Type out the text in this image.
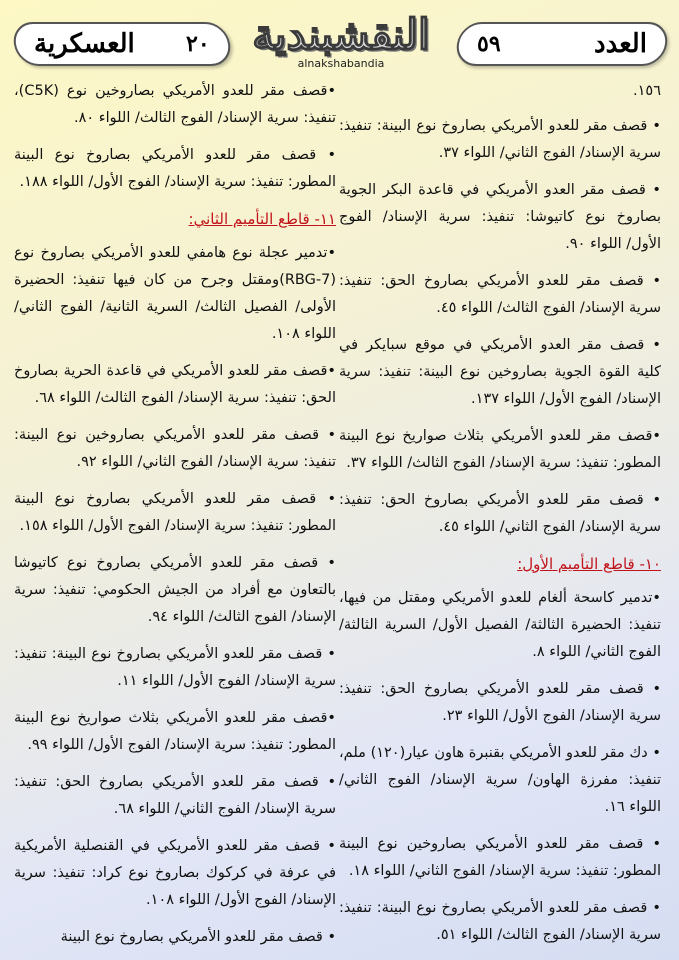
٢٠
العسكرية	النقشبندية
alnakshabandia
العدد
٥٩

١٥٦.

• قصف مقر للعدو الأمريكي بصاروخ نوع البينة: تنفيذ: سرية الإسناد/ الفوج الثاني/ اللواء ٣٧.

• قصف مقر العدو الأمريكي في قاعدة البكر الجوية بصاروخ نوع كاتيوشا: تنفيذ: سرية الإسناد/ الفوج الأول/ اللواء ٩٠.

• قصف مقر للعدو الأمريكي بصاروخ الحق: تنفيذ: سرية الإسناد/ الفوج الثالث/ اللواء ٤٥.

• قصف مقر العدو الأمريكي في موقع سبايكر في كلية القوة الجوية بصاروخين نوع البينة: تنفيذ: سرية الإسناد/ الفوج الأول/ اللواء ١٣٧.

•قصف مقر للعدو الأمريكي بثلاث صواريخ نوع البينة المطور: تنفيذ: سرية الإسناد/ الفوج الثالث/ اللواء ٣٧.

• قصف مقر للعدو الأمريكي بصاروخ الحق: تنفيذ: سرية الإسناد/ الفوج الثاني/ اللواء ٤٥.

١٠- قاطع التأميم الأول:

•تدمير كاسحة ألغام للعدو الأمريكي ومقتل من فيها، تنفيذ: الحضيرة الثالثة/ الفصيل الأول/ السرية الثالثة/ الفوج الثاني/ اللواء ٨.

• قصف مقر للعدو الأمريكي بصاروخ الحق: تنفيذ: سرية الإسناد/ الفوج الأول/ اللواء ٢٣.

• دك مقر للعدو الأمريكي بقنبرة هاون عيار(١٢٠) ملم، تنفيذ: مفرزة الهاون/ سرية الإسناد/ الفوج الثاني/ اللواء ١٦.

• قصف مقر للعدو الأمريكي بصاروخين نوع البينة المطور: تنفيذ: سرية الإسناد/ الفوج الثاني/ اللواء ١٨.

• قصف مقر للعدو الأمريكي بصاروخ نوع البينة: تنفيذ: سرية الإسناد/ الفوج الثالث/ اللواء ٥١.

•قصف مقر للعدو الأمريكي بصاروخين نوع (C5K)، تنفيذ: سرية الإسناد/ الفوج الثالث/ اللواء ٨٠.

• قصف مقر للعدو الأمريكي بصاروخ نوع البينة المطور: تنفيذ: سرية الإسناد/ الفوج الأول/ اللواء ١٨٨.

١١- قاطع التأميم الثاني:

•تدمير عجلة نوع هامفي للعدو الأمريكي بصاروخ نوع (RBG-7)ومقتل وجرح من كان فيها تنفيذ: الحضيرة الأولى/ الفصيل الثالث/ السرية الثانية/ الفوج الثاني/ اللواء ١٠٨.

•قصف مقر للعدو الأمريكي في قاعدة الحرية بصاروخ الحق: تنفيذ: سرية الإسناد/ الفوج الثالث/ اللواء ٦٨.

• قصف مقر للعدو الأمريكي بصاروخين نوع البينة: تنفيذ: سرية الإسناد/ الفوج الثاني/ اللواء ٩٢.

• قصف مقر للعدو الأمريكي بصاروخ نوع البينة المطور: تنفيذ: سرية الإسناد/ الفوج الأول/ اللواء ١٥٨.

• قصف مقر للعدو الأمريكي بصاروخ نوع كاتيوشا بالتعاون مع أفراد من الجيش الحكومي: تنفيذ: سرية الإسناد/ الفوج الثالث/ اللواء ٩٤.

• قصف مقر للعدو الأمريكي بصاروخ نوع البينة: تنفيذ: سرية الإسناد/ الفوج الأول/ اللواء ١١.

•قصف مقر للعدو الأمريكي بثلاث صواريخ نوع البينة المطور: تنفيذ: سرية الإسناد/ الفوج الأول/ اللواء ٩٩.

• قصف مقر للعدو الأمريكي بصاروخ الحق: تنفيذ: سرية الإسناد/ الفوج الثاني/ اللواء ٦٨.

• قصف مقر للعدو الأمريكي في القنصلية الأمريكية في عرفة في كركوك بصاروخ نوع كراد: تنفيذ: سرية الإسناد/ الفوج الأول/ اللواء ١٠٨.

• قصف مقر للعدو الأمريكي بصاروخ نوع البينة
